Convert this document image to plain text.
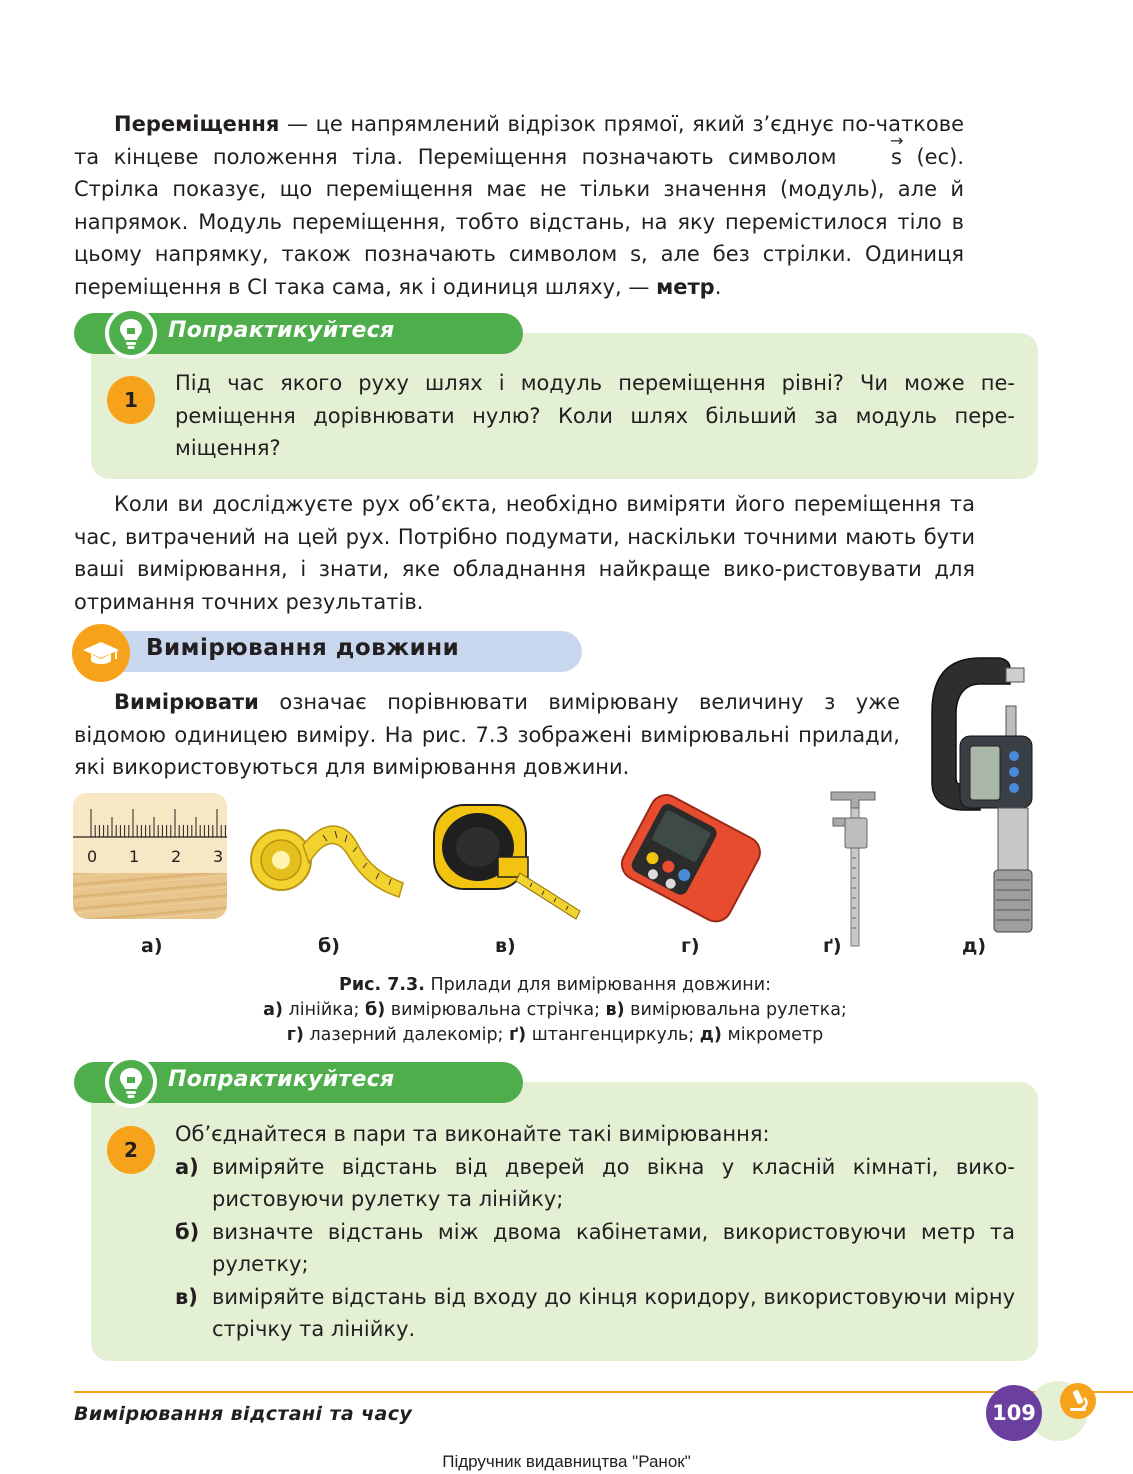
Переміщення — це напрямлений відрізок прямої, який з’єднує по-чаткове та кінцеве положення тіла. Переміщення позначають символом
→
s (ес). Стрілка показує, що переміщення має не тільки значення (модуль), але й напрямок. Модуль переміщення, тобто відстань, на яку перемістилося тіло в цьому напрямку, також позначають символом s, але без стрілки. Одиниця переміщення в СІ така сама, як і одиниця шляху, — метр.
Попрактикуйтеся
1
Під час якого руху шлях і модуль переміщення рівні? Чи може пе-реміщення дорівнювати нулю? Коли шлях більший за модуль пере-міщення?
Коли ви досліджуєте рух об’єкта, необхідно виміряти його переміщення та час, витрачений на цей рух. Потрібно подумати, наскільки точними мають бути ваші вимірювання, і знати, яке обладнання найкраще вико-ристовувати для отримання точних результатів.
Вимірювання довжини
Вимірювати означає порівнювати вимірювану величину з уже відомою одиницею виміру. На рис. 7.3 зображені вимірювальні прилади, які використовуються для вимірювання довжини.
0 1 2 3
а)	б)	в)	г)	ґ)	д)
Рис. 7.3. Прилади для вимірювання довжини:
а) лінійка; б) вимірювальна стрічка; в) вимірювальна рулетка;
г) лазерний далекомір; ґ) штангенциркуль; д) мікрометр
Попрактикуйтеся
2
Об’єднайтеся в пари та виконайте такі вимірювання:
а) виміряйте відстань від дверей до вікна у класній кімнаті, вико-ристовуючи рулетку та лінійку;
б) визначте відстань між двома кабінетами, використовуючи метр та рулетку;
в) виміряйте відстань від входу до кінця коридору, використовуючи мірну стрічку та лінійку.
Вимірювання відстані та часу	109
Підручник видавництва "Ранок"
